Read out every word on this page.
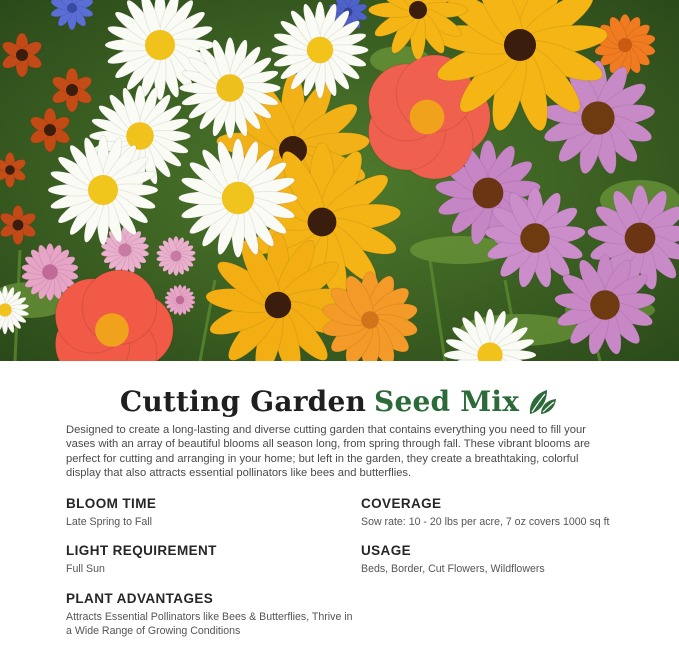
Cutting Garden Seed Mix

Designed to create a long-lasting and diverse cutting garden that contains everything you need to fill your vases with an array of beautiful blooms all season long, from spring through fall. These vibrant blooms are perfect for cutting and arranging in your home; but left in the garden, they create a breathtaking, colorful display that also attracts essential pollinators like bees and butterflies.

BLOOM TIME
Late Spring to Fall
LIGHT REQUIREMENT
Full Sun
PLANT ADVANTAGES
Attracts Essential Pollinators like Bees & Butterflies, Thrive in a Wide Range of Growing Conditions
COVERAGE
Sow rate: 10 - 20 lbs per acre, 7 oz covers 1000 sq ft
USAGE
Beds, Border, Cut Flowers, Wildflowers
